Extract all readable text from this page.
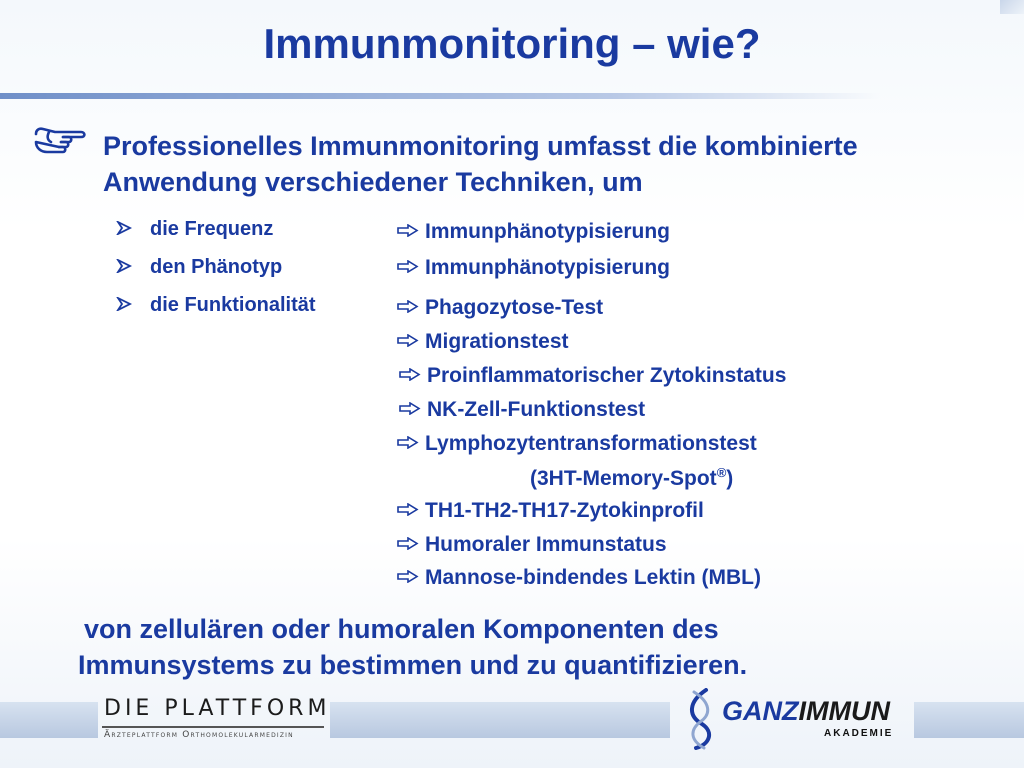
Immunmonitoring – wie?
Professionelles Immunmonitoring umfasst die kombinierte
Anwendung verschiedener Techniken, um
die Frequenz
den Phänotyp
die Funktionalität
Immunphänotypisierung
Immunphänotypisierung
Phagozytose-Test
Migrationstest
Proinflammatorischer Zytokinstatus
NK-Zell-Funktionstest
Lymphozytentransformationstest
(3HT-Memory-Spot®)
TH1-TH2-TH17-Zytokinprofil
Humoraler Immunstatus
Mannose-bindendes Lektin (MBL)
von zellulären oder humoralen Komponenten des
Immunsystems zu bestimmen und zu quantifizieren.
DIE PLATTFORM
Ärzteplattform Orthomolekularmedizin
GANZIMMUN
AKADEMIE
